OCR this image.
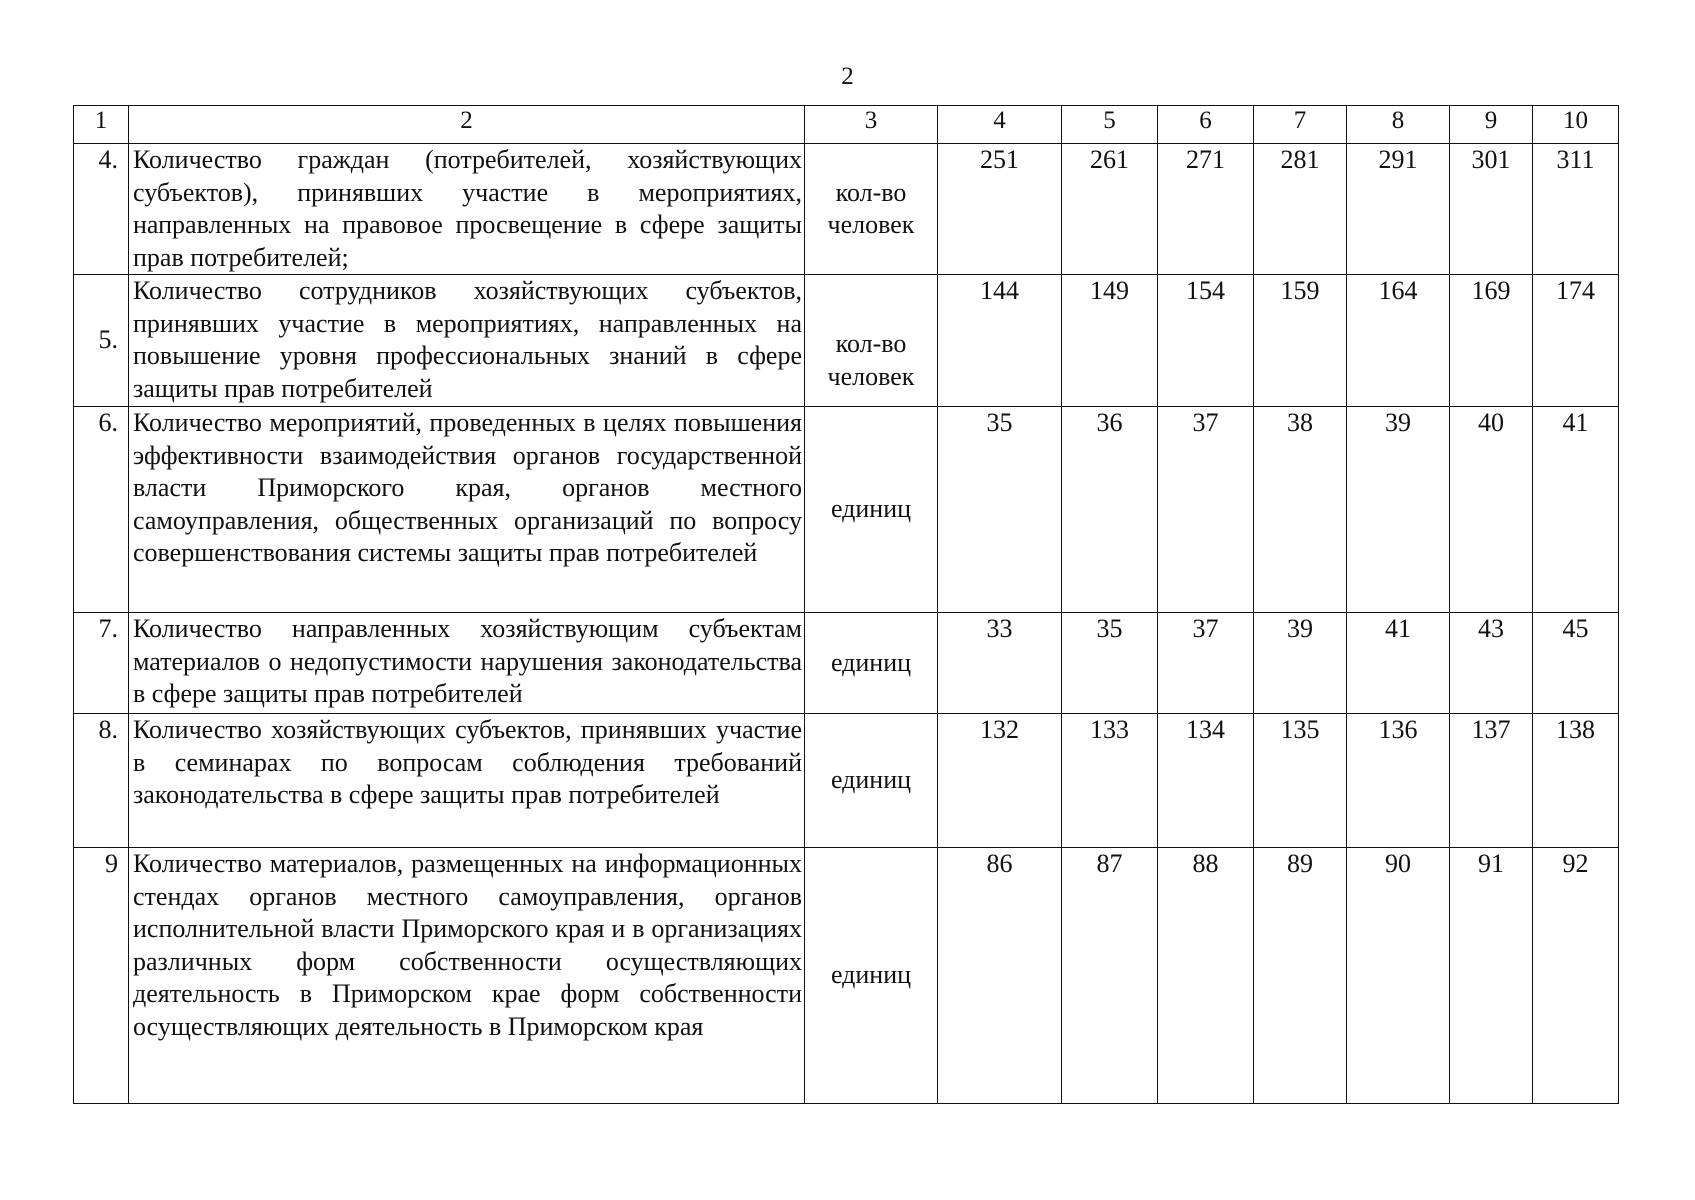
2
1	2	3	4	5	6	7	8	9	10
4.	Количество граждан (потребителей, хозяйствующих субъектов), принявших участие в мероприятиях, направленных на правовое просвещение в сфере защиты прав потребителей;	кол-во человек	251	261	271	281	291	301	311
5.	Количество сотрудников хозяйствующих субъектов, принявших участие в мероприятиях, направленных на повышение уровня профессиональных знаний в сфере защиты прав потребителей	кол-во человек	144	149	154	159	164	169	174
6.	Количество мероприятий, проведенных в целях повышения эффективности взаимодействия органов государственной власти Приморского края, органов местного самоуправления, общественных организаций по вопросу совершенствования системы защиты прав потребителей	единиц	35	36	37	38	39	40	41
7.	Количество направленных хозяйствующим субъектам материалов о недопустимости нарушения законодательства в сфере защиты прав потребителей	единиц	33	35	37	39	41	43	45
8.	Количество хозяйствующих субъектов, принявших участие в семинарах по вопросам соблюдения требований законодательства в сфере защиты прав потребителей	единиц	132	133	134	135	136	137	138
9	Количество материалов, размещенных на информационных стендах органов местного самоуправления, органов исполнительной власти Приморского края и в организациях различных форм собственности осуществляющих деятельность в Приморском крае форм собственности осуществляющих деятельность в Приморском края	единиц	86	87	88	89	90	91	92
